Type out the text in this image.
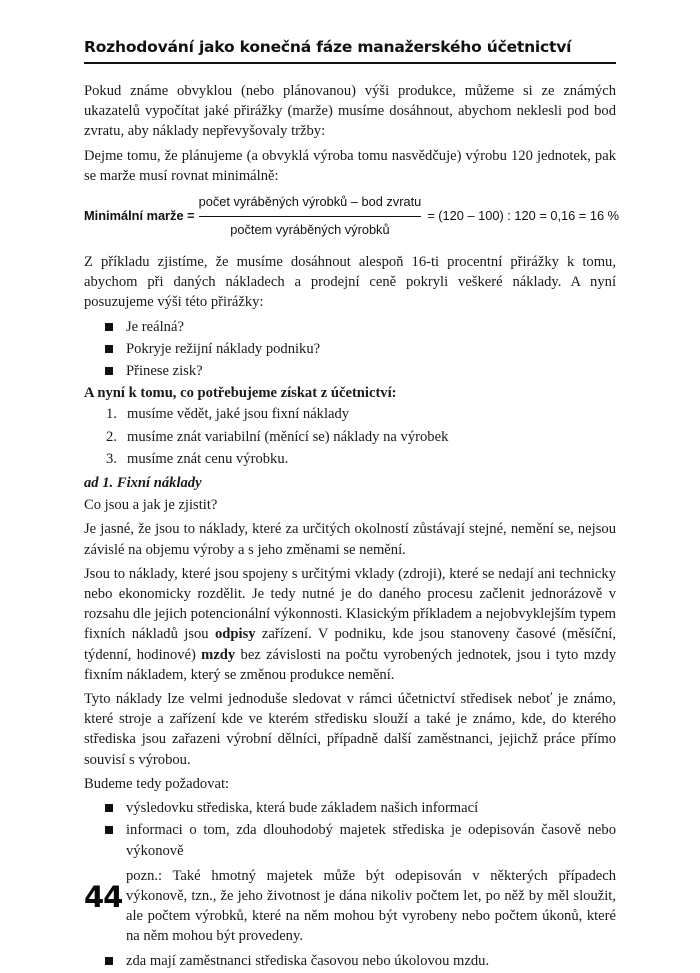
Rozhodování jako konečná fáze manažerského účetnictví

Pokud známe obvyklou (nebo plánovanou) výši produkce, můžeme si ze známých ukazatelů vypočítat jaké přirážky (marže) musíme dosáhnout, abychom neklesli pod bod zvratu, aby náklady nepřevyšovaly tržby:

Dejme tomu, že plánujeme (a obvyklá výroba tomu nasvědčuje) výrobu 120 jednotek, pak se marže musí rovnat minimálně:

Minimální marže = $\frac{\text{počet vyráběných výrobků – bod zvratu}}{\text{počtem vyráběných výrobků}} = (120 - 100)$ : 120 = 0,16 = 16 %

Z příkladu zjistíme, že musíme dosáhnout alespoň 16-ti procentní přirážky k tomu, abychom při daných nákladech a prodejní ceně pokryli veškeré náklady. A nyní posuzujeme výši této přirážky:

Je reálná?
Pokryje režijní náklady podniku?
Přinese zisk?
A nyní k tomu, co potřebujeme získat z účetnictví:
1. musíme vědět, jaké jsou fixní náklady
2. musíme znát variabilní (měnící se) náklady na výrobek
3. musíme znát cenu výrobku.
ad 1. Fixní náklady

Co jsou a jak je zjistit?

Je jasné, že jsou to náklady, které za určitých okolností zůstávají stejné, nemění se, nejsou závislé na objemu výroby a s jeho změnami se nemění.

Jsou to náklady, které jsou spojeny s určitými vklady (zdroji), které se nedají ani technicky nebo ekonomicky rozdělit. Je tedy nutné je do daného procesu začlenit jednorázově v rozsahu dle jejich potencionální výkonnosti. Klasickým příkladem a nejobvyklejším typem fixních nákladů jsou odpisy zařízení. V podniku, kde jsou stanoveny časové (měsíční, týdenní, hodinové) mzdy bez závislosti na počtu vyrobených jednotek, jsou i tyto mzdy fixním nákladem, který se změnou produkce nemění.

Tyto náklady lze velmi jednoduše sledovat v rámci účetnictví středisek neboť je známo, které stroje a zařízení kde ve kterém středisku slouží a také je známo, kde, do kterého střediska jsou zařazeni výrobní dělníci, případně další zaměstnanci, jejichž práce přímo souvisí s výrobou.

Budeme tedy požadovat:

výsledovku střediska, která bude základem našich informací
informaci o tom, zda dlouhodobý majetek střediska je odepisován časově nebo výkonově

pozn.: Také hmotný majetek může být odepisován v některých případech výkonově, tzn., že jeho životnost je dána nikoliv počtem let, po něž by měl sloužit, ale počtem výrobků, které na něm mohou být vyrobeny nebo počtem úkonů, které na něm mohou být provedeny.

zda mají zaměstnanci střediska časovou nebo úkolovou mzdu.
44
